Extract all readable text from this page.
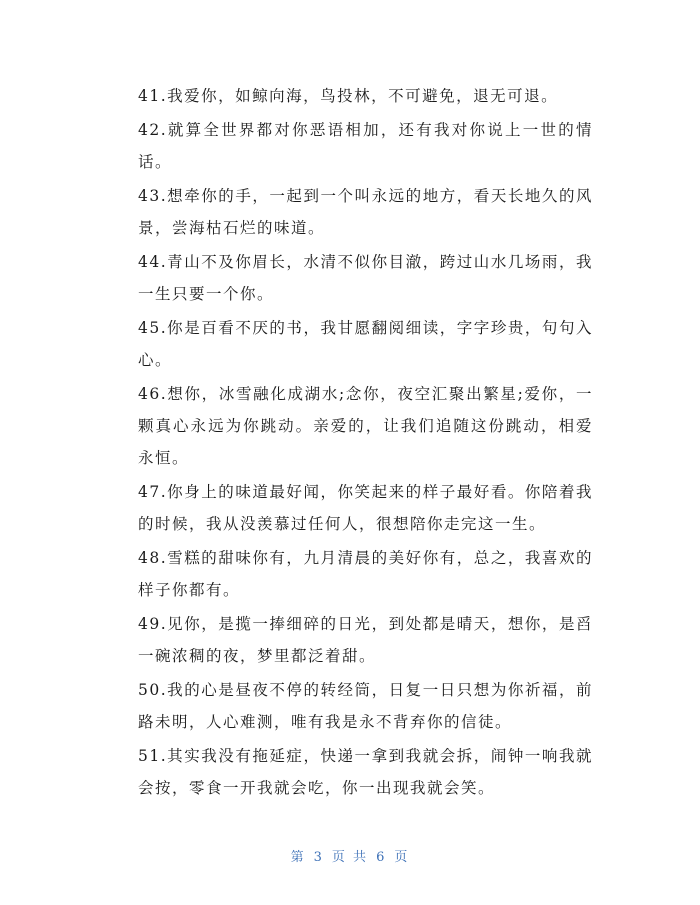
41.我爱你，如鲸向海，鸟投林，不可避免，退无可退。

42.就算全世界都对你恶语相加，还有我对你说上一世的情话。

43.想牵你的手，一起到一个叫永远的地方，看天长地久的风景，尝海枯石烂的味道。

44.青山不及你眉长，水清不似你目澈，跨过山水几场雨，我一生只要一个你。

45.你是百看不厌的书，我甘愿翻阅细读，字字珍贵，句句入心。

46.想你，冰雪融化成湖水;念你，夜空汇聚出繁星;爱你，一颗真心永远为你跳动。亲爱的，让我们追随这份跳动，相爱永恒。

47.你身上的味道最好闻，你笑起来的样子最好看。你陪着我的时候，我从没羡慕过任何人，很想陪你走完这一生。

48.雪糕的甜味你有，九月清晨的美好你有，总之，我喜欢的样子你都有。

49.见你，是揽一捧细碎的日光，到处都是晴天，想你，是舀一碗浓稠的夜，梦里都泛着甜。

50.我的心是昼夜不停的转经筒，日复一日只想为你祈福，前路未明，人心难测，唯有我是永不背弃你的信徒。

51.其实我没有拖延症，快递一拿到我就会拆，闹钟一响我就会按，零食一开我就会吃，你一出现我就会笑。

第 3 页 共 6 页
